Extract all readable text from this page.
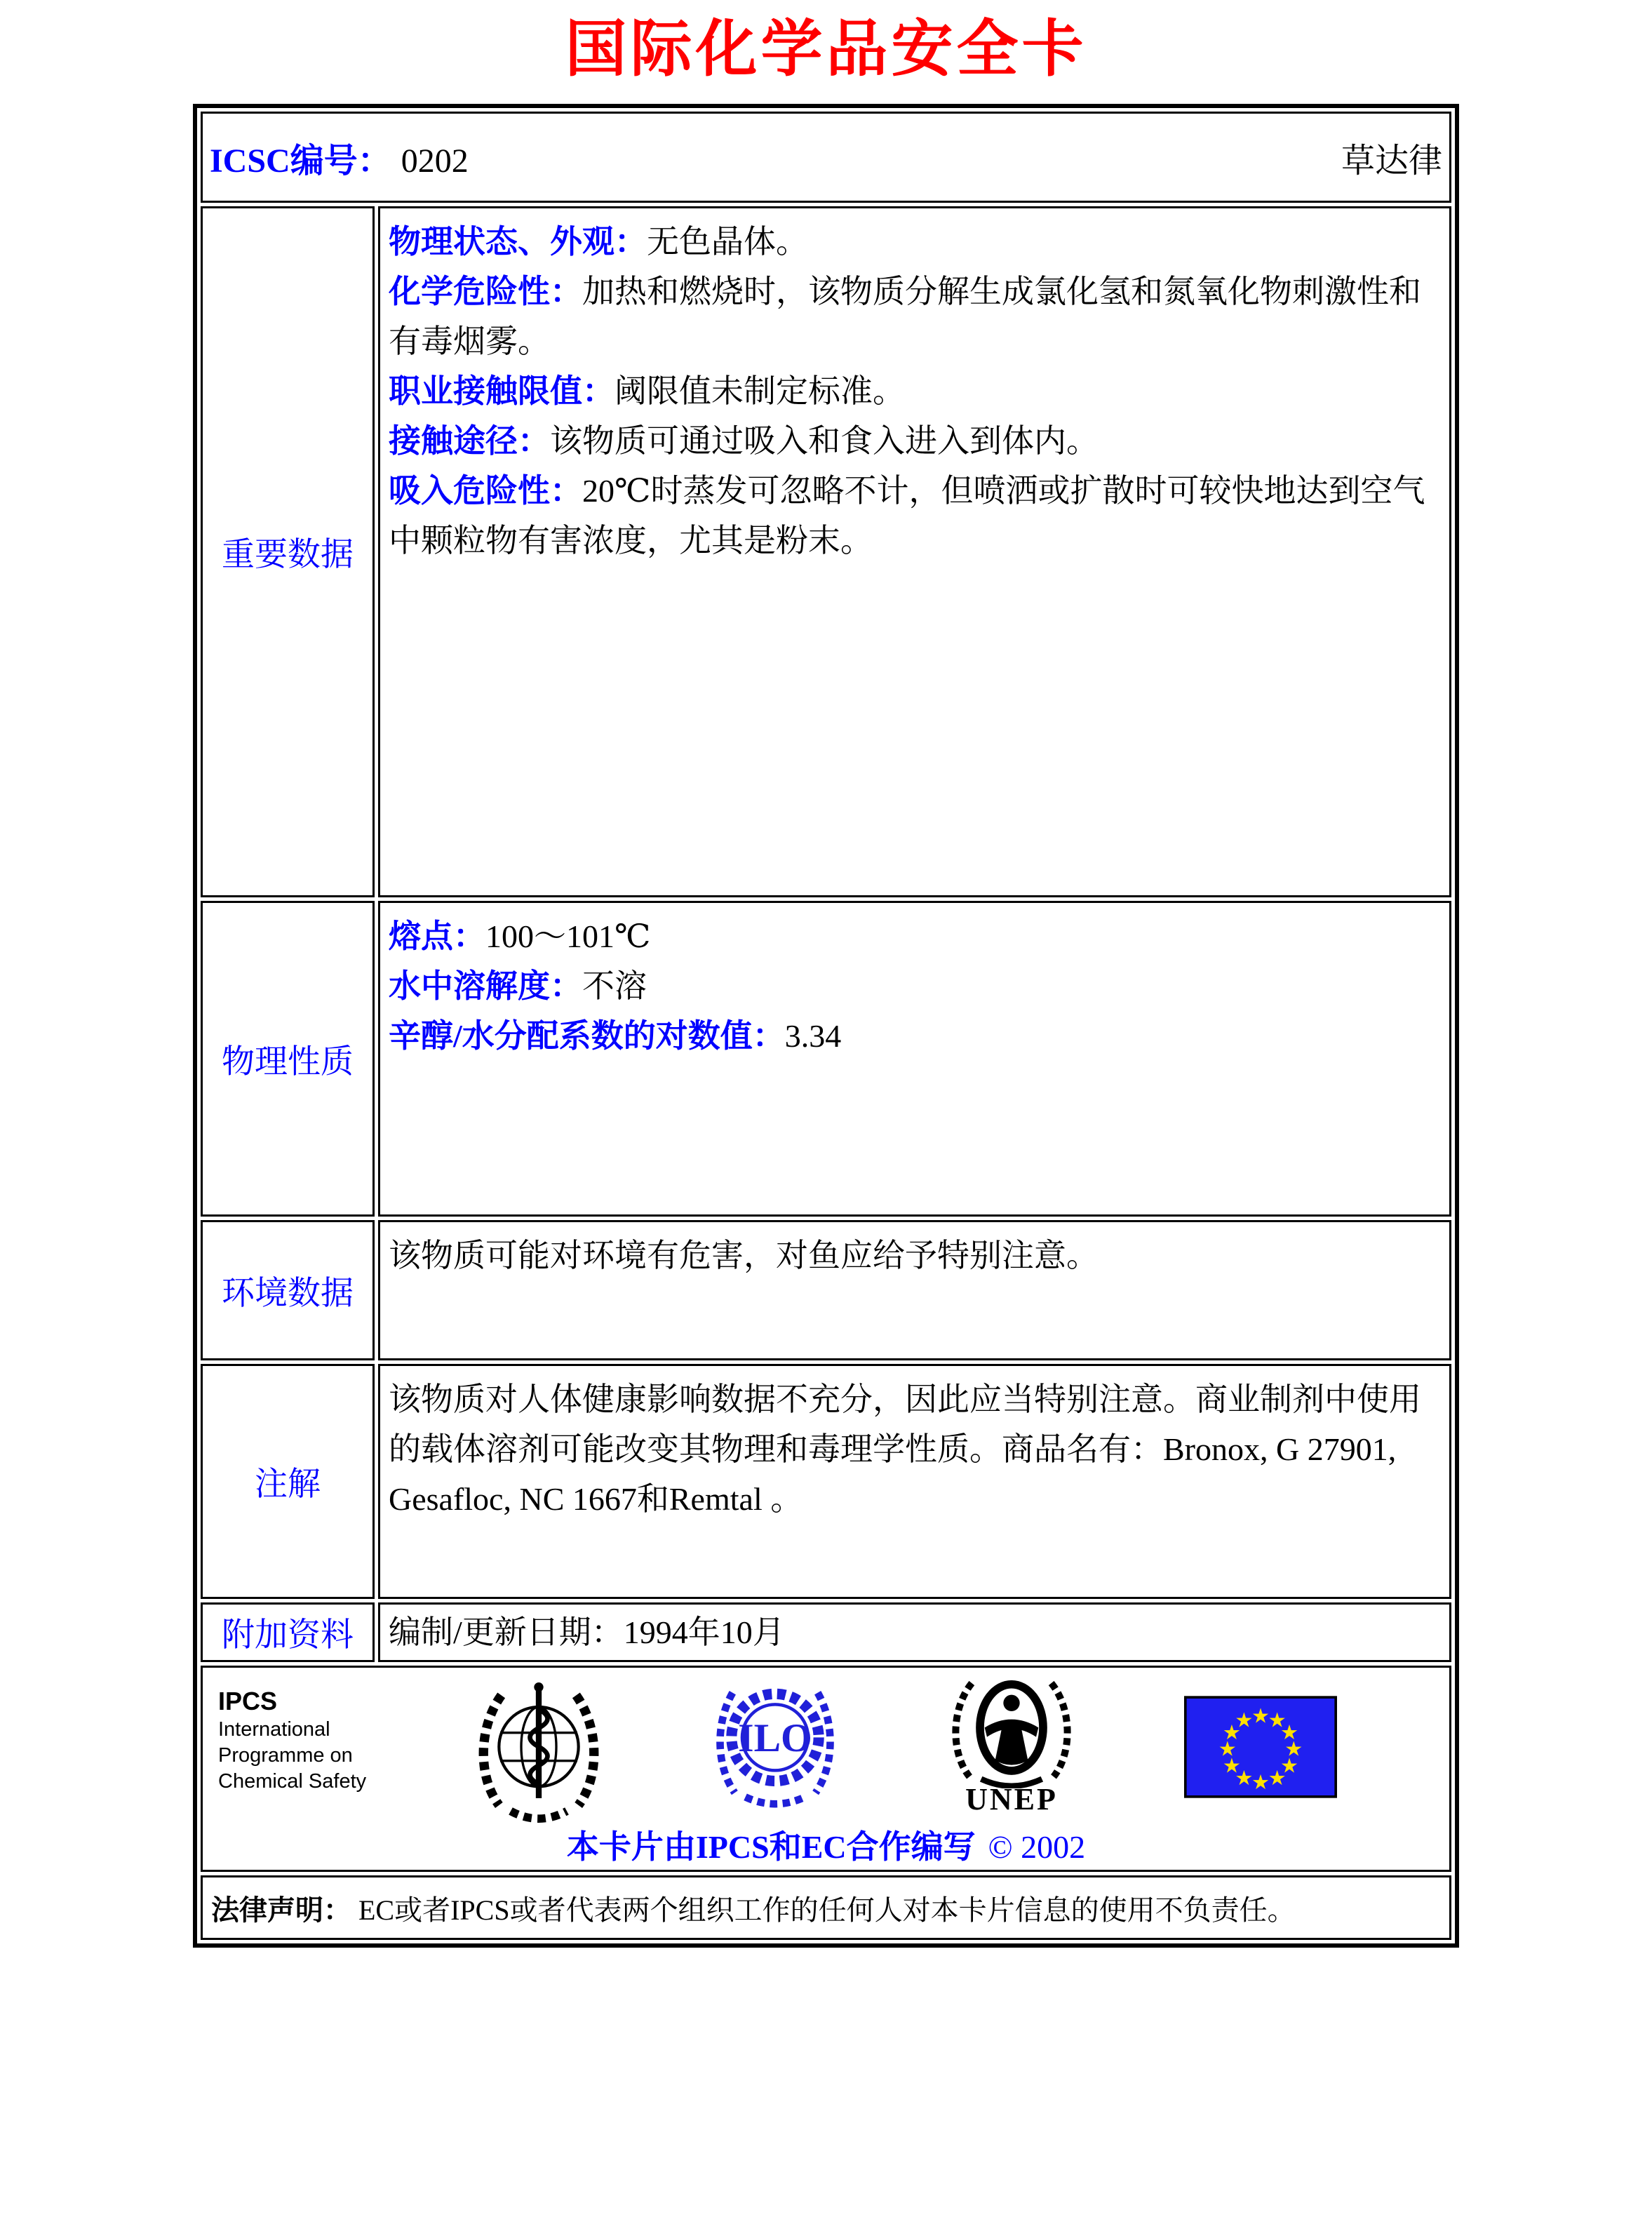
国际化学品安全卡
ICSC编号： 0202	草达律
重要数据
物理状态、外观：无色晶体。
化学危险性：加热和燃烧时，该物质分解生成氯化氢和氮氧化物刺激性和有毒烟雾。
职业接触限值：阈限值未制定标准。
接触途径：该物质可通过吸入和食入进入到体内。
吸入危险性：20℃时蒸发可忽略不计，但喷洒或扩散时可较快地达到空气中颗粒物有害浓度，尤其是粉末。
物理性质
熔点：100～101℃
水中溶解度：不溶
辛醇/水分配系数的对数值：3.34
环境数据
该物质可能对环境有危害，对鱼应给予特别注意。
注解
该物质对人体健康影响数据不充分，因此应当特别注意。商业制剂中使用的载体溶剂可能改变其物理和毒理学性质。商品名有：Bronox, G 27901, Gesafloc, NC 1667和Remtal 。
附加资料	编制/更新日期：1994年10月
IPCS
International
Programme on
Chemical Safety
ILO
UNEP
★
★
★
★
★
★
★
★
★
★
★
★
本卡片由IPCS和EC合作编写 © 2002
法律声明： EC或者IPCS或者代表两个组织工作的任何人对本卡片信息的使用不负责任。
